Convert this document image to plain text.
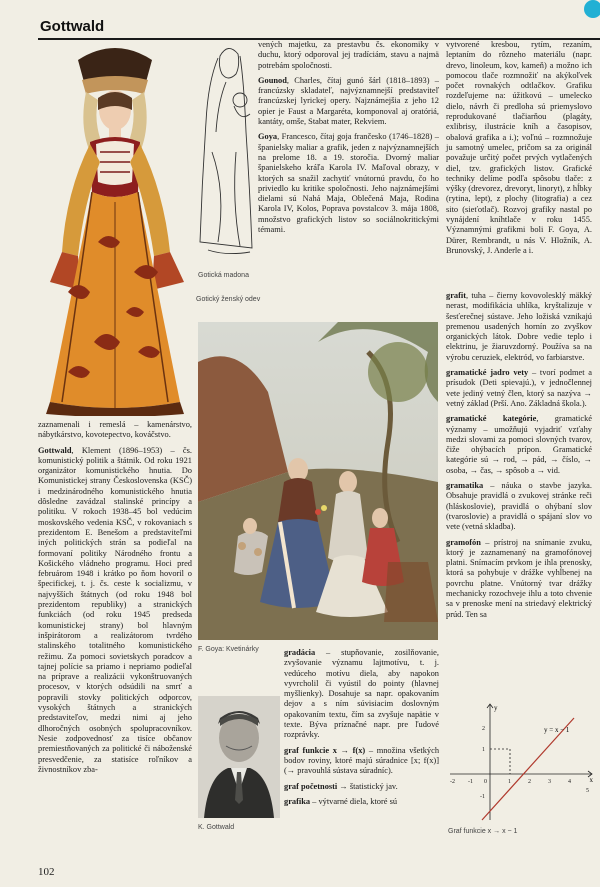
Gottwald
Gotická madona
Gotický ženský odev

zaznamenali i remeslá – kamenárstvo, nábytkárstvo, kovotepectvo, kováčstvo.

Gottwald, Klement (1896–1953) – čs. komunistický politik a štátnik. Od roku 1921 organizátor komunistického hnutia. Do Komunistickej strany Československa (KSČ) i medzinárodného komunistického hnutia dôsledne zavádzal stalinské princípy a politiku. V rokoch 1938–45 bol vedúcim moskovského vedenia KSČ, v rokovaniach s prezidentom E. Benešom a predstaviteľmi iných politických strán sa podieľal na formovaní politiky Národného frontu a Košického vládneho programu. Hoci pred februárom 1948 i krátko po ňom hovoril o špecifickej, t. j. čs. ceste k socializmu, v najvyšších štátnych (od roku 1948 bol prezidentom republiky) a stranických funkciách (od roku 1945 predseda komunistickej strany) bol hlavným inšpirátorom a realizátorom tvrdého stalinského totalitného komunistického režimu. Za pomoci sovietskych poradcov a tajnej polície sa priamo i nepriamo podieľal na príprave a realizácii vykonštruovaných procesov, v ktorých odsúdili na smrť a popravili stovky politických odporcov, vysokých štátnych a stranických predstaviteľov, medzi nimi aj jeho dlhoročných osobných spolupracovníkov. Nesie zodpovednosť za tisíce občanov premiestňovaných za politické či náboženské presvedčenie, za statisíce roľníkov a živnostníkov zba-

vených majetku, za prestavbu čs. ekonomiky v duchu, ktorý odporoval jej tradíciám, stavu a najmä potrebám spoločnosti.

Gounod, Charles, čítaj gunó šárl (1818–1893) – francúzsky skladateľ, najvýznamnejší predstaviteľ francúzskej lyrickej opery. Najznámejšia z jeho 12 opier je Faust a Margaréta, komponoval aj oratóriá, kantáty, omše, Stabat mater, Rekviem.

Goya, Francesco, čítaj goja frančesko (1746–1828) – španielsky maliar a grafik, jeden z najvýznamnejších na prelome 18. a 19. storočia. Dvorný maliar španielskeho kráľa Karola IV. Maľoval obrazy, v ktorých sa snažil zachytiť vnútornú pravdu, čo ho priviedlo ku kritike spoločnosti. Jeho najznámejšími dielami sú Nahá Maja, Oblečená Maja, Rodina Karola IV, Kolos, Poprava povstalcov 3. mája 1808, množstvo grafických listov so sociálnokritickými témami.

vytvorené kresbou, rytím, rezaním, leptaním do rôzneho materiálu (napr. drevo, linoleum, kov, kameň) a možno ich pomocou tlače rozmnožiť na akýkoľvek počet rovnakých odtlačkov. Grafiku rozdeľujeme na: úžitkovú – umelecko dielo, návrh či predloha sú priemyslovo reprodukované tlačiarňou (plagáty, exlibrisy, ilustrácie kníh a časopisov, obalová grafika a i.); voľnú – rozmnožuje ju samotný umelec, pričom sa za originál považuje určitý počet prvých vytlačených diel, tzv. grafických listov. Grafické techniky delíme podľa spôsobu tlače: z výšky (drevorez, drevoryt, linoryt), z hĺbky (rytina, lept), z plochy (litografia) a cez sito (sieťotlač). Rozvoj grafiky nastal po vynájdení kníhtlače v roku 1455. Významnými grafikmi boli F. Goya, A. Dürer, Rembrandt, u nás V. Hložník, A. Brunovský, J. Anderle a i.

F. Goya: Kvetinárky
K. Gottwald

gradácia – stupňovanie, zosilňovanie, zvyšovanie významu lajtmotívu, t. j. vedúceho motívu diela, aby napokon vyvrcholil či vyústil do pointy (hlavnej myšlienky). Dosahuje sa napr. opakovaním dejov a s ním súvisiacim doslovným opakovaním textu, čím sa zvyšuje napätie v texte. Býva príznačné napr. pre ľudové rozprávky.

graf funkcie x → f(x) – množina všetkých bodov roviny, ktoré majú súradnice [x; f(x)] (→ pravouhlá sústava súradníc).

graf početnosti → štatistický jav.

grafika – výtvarné diela, ktoré sú

grafit, tuha – čierny kovovolesklý mäkký nerast, modifikácia uhlíka, kryštalizuje v šesťerečnej sústave. Jeho ložiská vznikajú premenou usadených hornín zo zvyškov organických látok. Dobre vedie teplo i elektrinu, je žiaruvzdorný. Používa sa na výrobu ceruziek, elektród, vo farbiarstve.

gramatické jadro vety – tvorí podmet a prísudok (Deti spievajú.), v jednočlennej vete jediný vetný člen, ktorý sa nazýva → vetný základ (Prší. Ano. Základná škola.).

gramatické kategórie, gramatické významy – umožňujú vyjadriť vzťahy medzi slovami za pomoci slovných tvarov, čiže ohýbacích prípon. Gramatické kategórie sú → rod, → pád, → číslo, → osoba, → čas, → spôsob a → vid.

gramatika – náuka o stavbe jazyka. Obsahuje pravidlá o zvukovej stránke reči (hláskoslovie), pravidlá o ohýbaní slov (tvaroslovie) a pravidlá o spájaní slov vo vete (vetná skladba).

gramofón – prístroj na snímanie zvuku, ktorý je zaznamenaný na gramofónovej platni. Snímacím prvkom je ihla prenosky, ktorá sa pohybuje v drážke vyhĺbenej na povrchu platne. Vnútorný tvar drážky mechanicky rozochveje ihlu a toto chvenie sa v prenoske mení na striedavý elektrický prúd. Ten sa

x
y
y = x − 1
-2 -1 0	1	2	3	4
5
2
1
-1
Graf funkcie x → x − 1
102
